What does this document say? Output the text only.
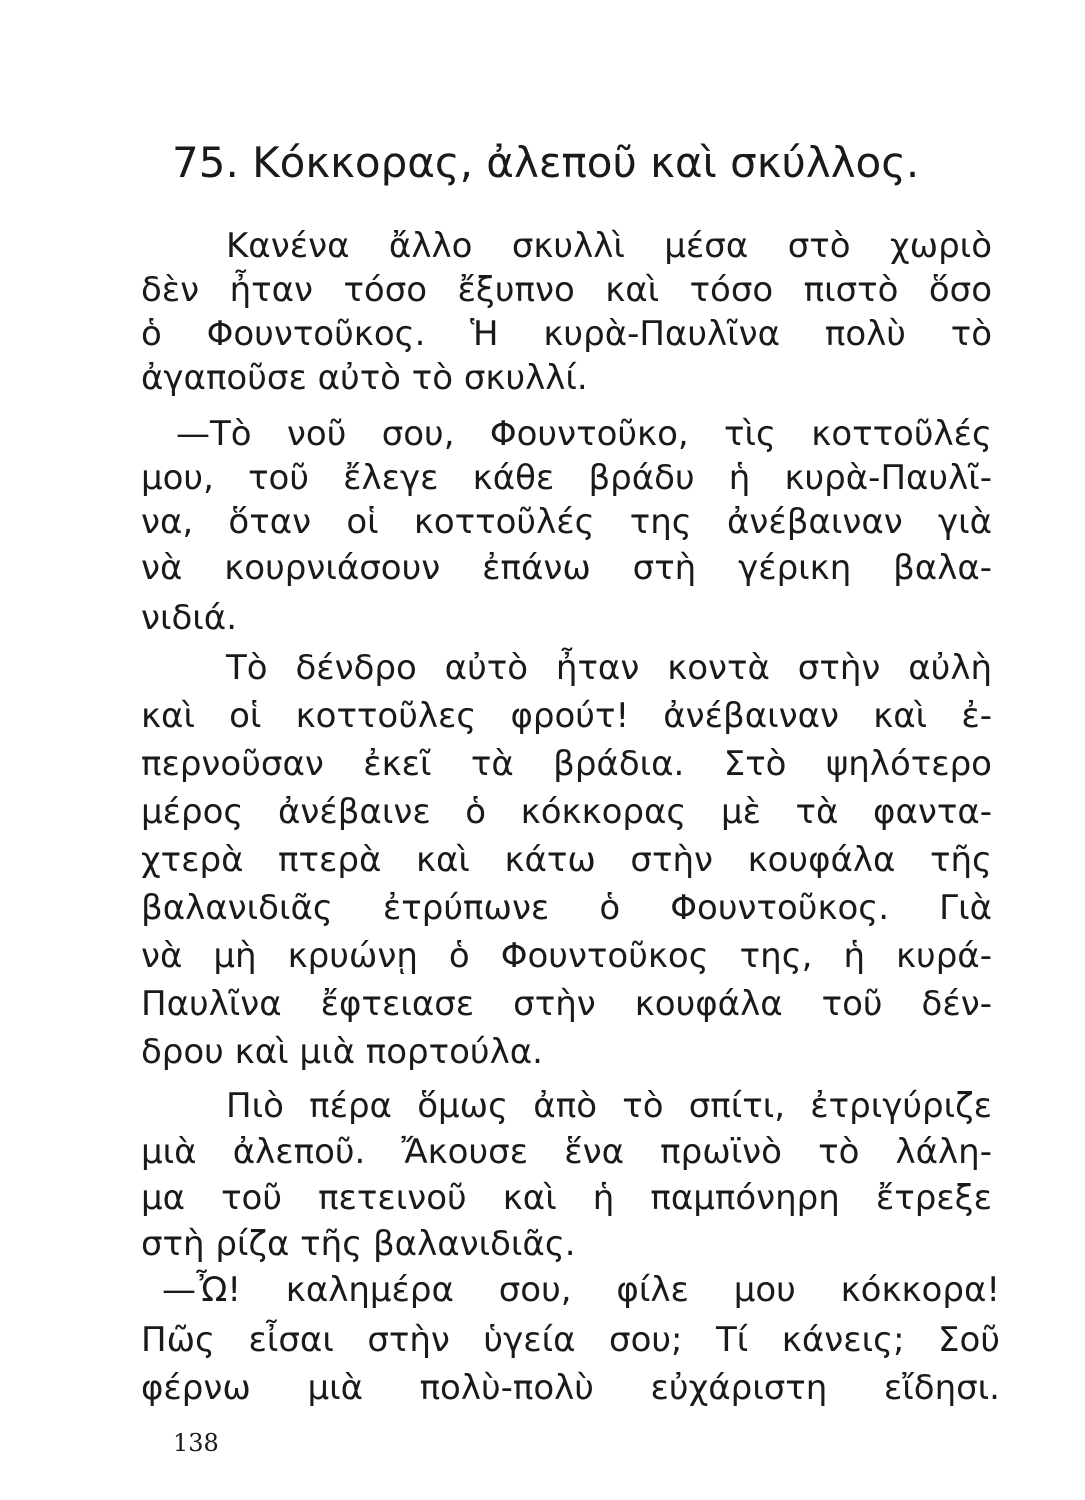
75. Κόκκορας, ἀλεποῦ καὶ σκύλλος.

Κανένα ἄλλο σκυλλὶ μέσα στὸ χωριὸ

δὲν ἦταν τόσο ἔξυπνο καὶ τόσο πιστὸ ὅσο

ὁ Φουντοῦκος. Ἡ κυρὰ-Παυλῖνα πολὺ τὸ

ἀγαποῦσε αὐτὸ τὸ σκυλλί.

—Τὸ νοῦ σου, Φουντοῦκο, τὶς κοττοῦλές

μου, τοῦ ἔλεγε κάθε βράδυ ἡ κυρὰ-Παυλῖ-

να, ὅταν οἱ κοττοῦλές της ἀνέβαιναν γιὰ

νὰ κουρνιάσουν ἐπάνω στὴ γέρικη βαλα-

νιδιά.

Τὸ δένδρο αὐτὸ ἦταν κοντὰ στὴν αὐλὴ

καὶ οἱ κοττοῦλες φρούτ! ἀνέβαιναν καὶ ἐ-

περνοῦσαν ἐκεῖ τὰ βράδια. Στὸ ψηλότερο

μέρος ἀνέβαινε ὁ κόκκορας μὲ τὰ φαντα-

χτερὰ πτερὰ καὶ κάτω στὴν κουφάλα τῆς

βαλανιδιᾶς ἐτρύπωνε ὁ Φουντοῦκος. Γιὰ

νὰ μὴ κρυώνῃ ὁ Φουντοῦκος της, ἡ κυρά-

Παυλῖνα ἔφτειασε στὴν κουφάλα τοῦ δέν-

δρου καὶ μιὰ πορτούλα.

Πιὸ πέρα ὅμως ἀπὸ τὸ σπίτι, ἐτριγύριζε

μιὰ ἀλεποῦ. Ἄκουσε ἕνα πρωϊνὸ τὸ λάλη-

μα τοῦ πετεινοῦ καὶ ἡ παμπόνηρη ἔτρεξε

στὴ ρίζα τῆς βαλανιδιᾶς.

—Ὦ! καλημέρα σου, φίλε μου κόκκορα!

Πῶς εἶσαι στὴν ὑγεία σου; Τί κάνεις; Σοῦ

φέρνω μιὰ πολὺ-πολὺ εὐχάριστη εἴδησι.

138
